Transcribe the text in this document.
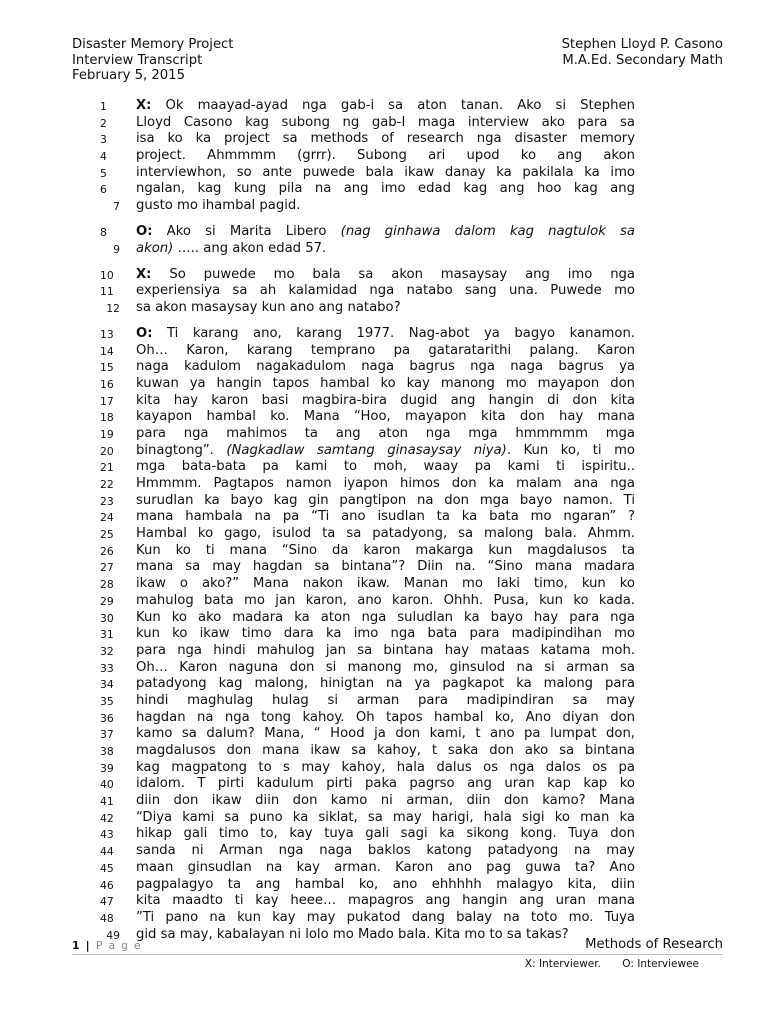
Disaster Memory Project	Stephen Lloyd P. Casono
Interview Transcript	M.A.Ed. Secondary Math
February 5, 2015
1	X: Ok maayad-ayad nga gab-i sa aton tanan. Ako si Stephen
2	Lloyd Casono kag subong ng gab-I maga interview ako para sa
3	isa ko ka project sa methods of research nga disaster memory
4	project. Ahmmmm (grrr). Subong ari upod ko ang akon
5	interviewhon, so ante puwede bala ikaw danay ka pakilala ka imo
6	ngalan, kag kung pila na ang imo edad kag ang hoo kag ang
7 gusto mo ihambal pagid.
8	O: Ako si Marita Libero (nag ginhawa dalom kag nagtulok sa
9 akon) ….. ang akon edad 57.
10	X: So puwede mo bala sa akon masaysay ang imo nga
11	experiensiya sa ah kalamidad nga natabo sang una. Puwede mo
12 sa akon masaysay kun ano ang natabo?
13	O: Ti karang ano, karang 1977. Nag-abot ya bagyo kanamon.
14	Oh… Karon, karang temprano pa gataratarithi palang. Karon
15	naga kadulom nagakadulom naga bagrus nga naga bagrus ya
16	kuwan ya hangin tapos hambal ko kay manong mo mayapon don
17	kita hay karon basi magbira-bira dugid ang hangin di don kita
18	kayapon hambal ko. Mana “Hoo, mayapon kita don hay mana
19	para nga mahimos ta ang aton nga mga hmmmmm mga
20	binagtong”. (Nagkadlaw samtang ginasaysay niya). Kun ko, ti mo
21	mga bata-bata pa kami to moh, waay pa kami ti ispiritu..
22	Hmmmm. Pagtapos namon iyapon himos don ka malam ana nga
23	surudlan ka bayo kag gin pangtipon na don mga bayo namon. Ti
24	mana hambala na pa “Ti ano isudlan ta ka bata mo ngaran” ?
25	Hambal ko gago, isulod ta sa patadyong, sa malong bala. Ahmm.
26	Kun ko ti mana “Sino da karon makarga kun magdalusos ta
27	mana sa may hagdan sa bintana”? Diin na. “Sino mana madara
28	ikaw o ako?” Mana nakon ikaw. Manan mo laki timo, kun ko
29	mahulog bata mo jan karon, ano karon. Ohhh. Pusa, kun ko kada.
30	Kun ko ako madara ka aton nga suludlan ka bayo hay para nga
31	kun ko ikaw timo dara ka imo nga bata para madipindihan mo
32	para nga hindi mahulog jan sa bintana hay mataas katama moh.
33	Oh… Karon naguna don si manong mo, ginsulod na si arman sa
34	patadyong kag malong, hinigtan na ya pagkapot ka malong para
35	hindi maghulag hulag si arman para madipindiran sa may
36	hagdan na nga tong kahoy. Oh tapos hambal ko, Ano diyan don
37	kamo sa dalum? Mana, “ Hood ja don kami, t ano pa lumpat don,
38	magdalusos don mana ikaw sa kahoy, t saka don ako sa bintana
39	kag magpatong to s may kahoy, hala dalus os nga dalos os pa
40	idalom. T pirti kadulum pirti paka pagrso ang uran kap kap ko
41	diin don ikaw diin don kamo ni arman, diin don kamo? Mana
42	“Diya kami sa puno ka siklat, sa may harigi, hala sigi ko man ka
43	hikap gali timo to, kay tuya gali sagi ka sikong kong. Tuya don
44	sanda ni Arman nga naga baklos katong patadyong na may
45	maan ginsudlan na kay arman. Karon ano pag guwa ta? Ano
46	pagpalagyo ta ang hambal ko, ano ehhhhh malagyo kita, diin
47	kita maadto ti kay heee… mapagros ang hangin ang uran mana
48	”Ti pano na kun kay may pukatod dang balay na toto mo. Tuya
49 gid sa may, kabalayan ni lolo mo Mado bala. Kita mo to sa takas?
1 | P a g e	Methods of Research
X: Interviewer. O: Interviewee
